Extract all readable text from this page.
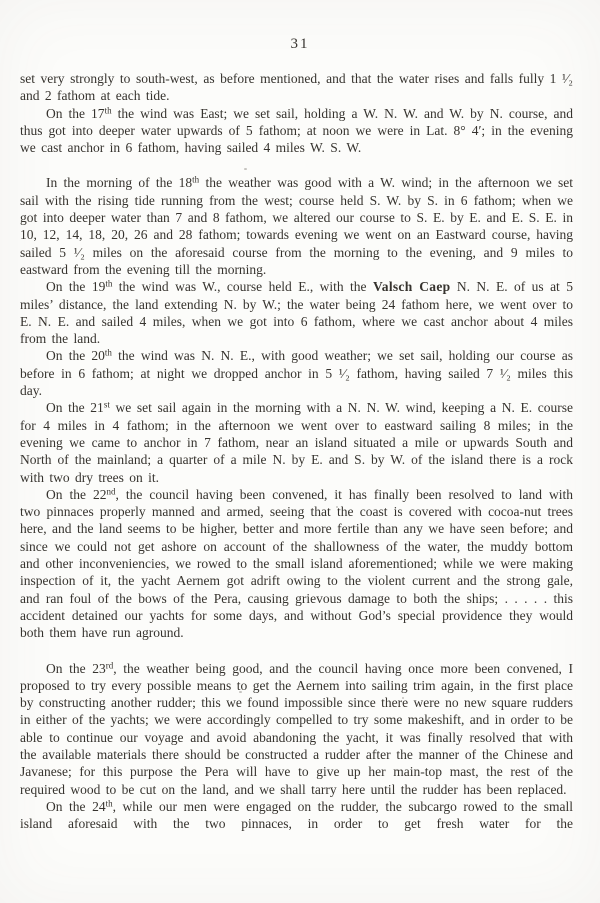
31

set very strongly to south-west, as before mentioned, and that the water rises and falls fully 1 ¹⁄₂ and 2 fathom at each tide.

On the 17th the wind was East; we set sail, holding a W. N. W. and W. by N. course, and thus got into deeper water upwards of 5 fathom; at noon we were in Lat. 8° 4′; in the evening we cast anchor in 6 fathom, having sailed 4 miles W. S. W.

In the morning of the 18th the weather was good with a W. wind; in the afternoon we set sail with the rising tide running from the west; course held S. W. by S. in 6 fathom; when we got into deeper water than 7 and 8 fathom, we altered our course to S. E. by E. and E. S. E. in 10, 12, 14, 18, 20, 26 and 28 fathom; towards evening we went on an Eastward course, having sailed 5 ¹⁄₂ miles on the aforesaid course from the morning to the evening, and 9 miles to eastward from the evening till the morning.

On the 19th the wind was W., course held E., with the Valsch Caep N. N. E. of us at 5 miles’ distance, the land extending N. by W.; the water being 24 fathom here, we went over to E. N. E. and sailed 4 miles, when we got into 6 fathom, where we cast anchor about 4 miles from the land.

On the 20th the wind was N. N. E., with good weather; we set sail, holding our course as before in 6 fathom; at night we dropped anchor in 5 ¹⁄₂ fathom, having sailed 7 ¹⁄₂ miles this day.

On the 21st we set sail again in the morning with a N. N. W. wind, keeping a N. E. course for 4 miles in 4 fathom; in the afternoon we went over to eastward sailing 8 miles; in the evening we came to anchor in 7 fathom, near an island situated a mile or upwards South and North of the mainland; a quarter of a mile N. by E. and S. by W. of the island there is a rock with two dry trees on it.

On the 22nd, the council having been convened, it has finally been resolved to land with two pinnaces properly manned and armed, seeing that the coast is covered with cocoa-nut trees here, and the land seems to be higher, better and more fertile than any we have seen before; and since we could not get ashore on account of the shallowness of the water, the muddy bottom and other inconveniencies, we rowed to the small island aforementioned; while we were making inspection of it, the yacht Aernem got adrift owing to the violent current and the strong gale, and ran foul of the bows of the Pera, causing grievous damage to both the ships; . . . . . this accident detained our yachts for some days, and without God’s special providence they would both them have run aground.

On the 23rd, the weather being good, and the council having once more been convened, I proposed to try every possible means to get the Aernem into sailing trim again, in the first place by constructing another rudder; this we found impossible since there were no new square rudders in either of the yachts; we were accordingly compelled to try some makeshift, and in order to be able to continue our voyage and avoid abandoning the yacht, it was finally resolved that with the available materials there should be constructed a rudder after the manner of the Chinese and Javanese; for this purpose the Pera will have to give up her main-top mast, the rest of the required wood to be cut on the land, and we shall tarry here until the rudder has been replaced.

On the 24th, while our men were engaged on the rudder, the subcargo rowed to the small island aforesaid with the two pinnaces, in order to get fresh water for the
